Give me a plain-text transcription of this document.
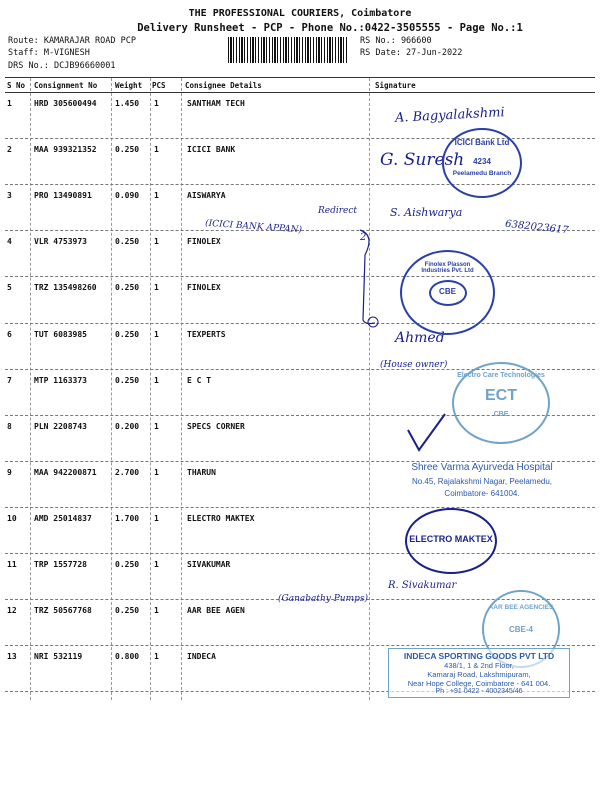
THE PROFESSIONAL COURIERS, Coimbatore
Delivery Runsheet - PCP - Phone No.:0422-3505555 - Page No.:1
Route: KAMARAJAR ROAD PCP
Staff: M-VIGNESH
DRS No.: DCJB96660001
RS No.: 966600
RS Date: 27-Jun-2022
S No Consignment No Weight PCS	Consignee Details	Signature
1	HRD 305600494 1.450 1	SANTHAM TECH
2	MAA 939321352 0.250 1	ICICI BANK
3	PRO 13490891	0.090 1	AISWARYA
4	VLR 4753973	0.250 1	FINOLEX
5	TRZ 135498260 0.250 1	FINOLEX
6	TUT 6083985	0.250 1	TEXPERTS
7	MTP 1163373	0.250 1	E C T
8	PLN 2208743	0.200 1	SPECS CORNER
9	MAA 942200871 2.700 1	THARUN
10 AMD 25014837	1.700 1	ELECTRO MAKTEX
11 TRP 1557728	0.250 1	SIVAKUMAR
12 TRZ 50567768	0.250 1	AAR BEE AGEN
13 NRI 532119	0.800 1	INDECA
A. Bagyalakshmi
G. Suresh
(ICICI BANK APPAN)
Redirect	S. Aishwarya
6382023617
2
Ahmed
(House owner)
(Ganabathy Pumps)
R. Sivakumar
ICICI Bank Ltd
4234
Peelamedu Branch
Finolex Plasson Industries Pvt. Ltd
CBE
Electro Care Technologies
ECT
CBE
Shree Varma Ayurveda Hospital
No.45, Rajalakshmi Nagar, Peelamedu,
Coimbatore- 641004.
ELECTRO MAKTEX
AAR BEE AGENCIES
CBE-4
INDECA SPORTING GOODS PVT LTD
438/1, 1 & 2nd Floor,
Kamaraj Road, Lakshmipuram,
Near Hope College, Coimbatore - 641 004.
Ph : +91 0422 - 4002345/46
